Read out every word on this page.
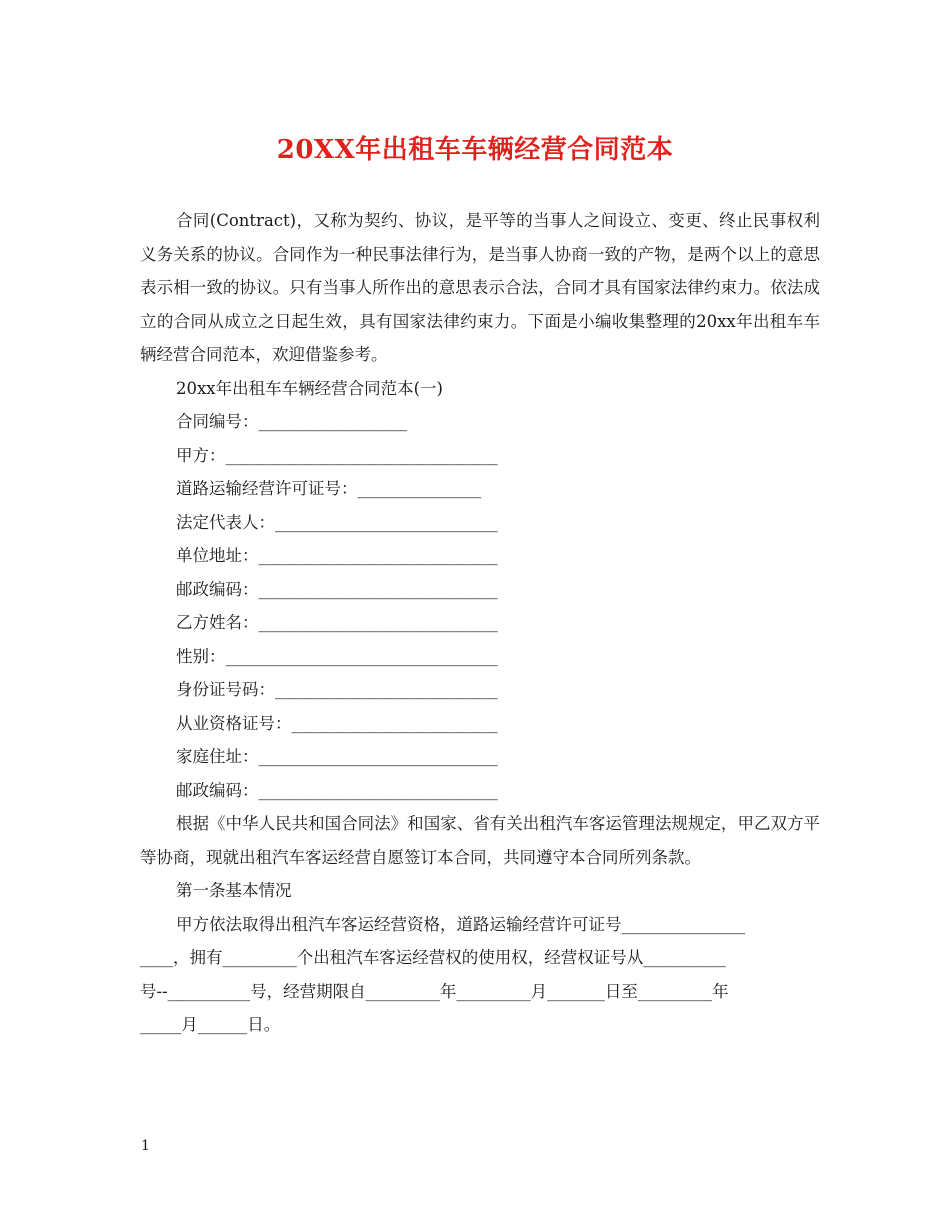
20XX年出租车车辆经营合同范本

合同(Contract)，又称为契约、协议，是平等的当事人之间设立、变更、终止民事权利义务关系的协议。合同作为一种民事法律行为，是当事人协商一致的产物，是两个以上的意思表示相一致的协议。只有当事人所作出的意思表示合法，合同才具有国家法律约束力。依法成立的合同从成立之日起生效，具有国家法律约束力。下面是小编收集整理的20xx年出租车车辆经营合同范本，欢迎借鉴参考。

20xx年出租车车辆经营合同范本(一)

合同编号：__________________
甲方：_________________________________
道路运输经营许可证号：_______________
法定代表人：___________________________
单位地址：_____________________________
邮政编码：_____________________________
乙方姓名：_____________________________
性别：_________________________________
身份证号码：___________________________
从业资格证号：_________________________
家庭住址：_____________________________
邮政编码：_____________________________

根据《中华人民共和国合同法》和国家、省有关出租汽车客运管理法规规定，甲乙双方平等协商，现就出租汽车客运经营自愿签订本合同，共同遵守本合同所列条款。

第一条基本情况

甲方依法取得出租汽车客运经营资格，道路运输经营许可证号_______________
____，拥有_________个出租汽车客运经营权的使用权，经营权证号从__________
号--__________号，经营期限自_________年_________月_______日至_________年
_____月______日。
1
